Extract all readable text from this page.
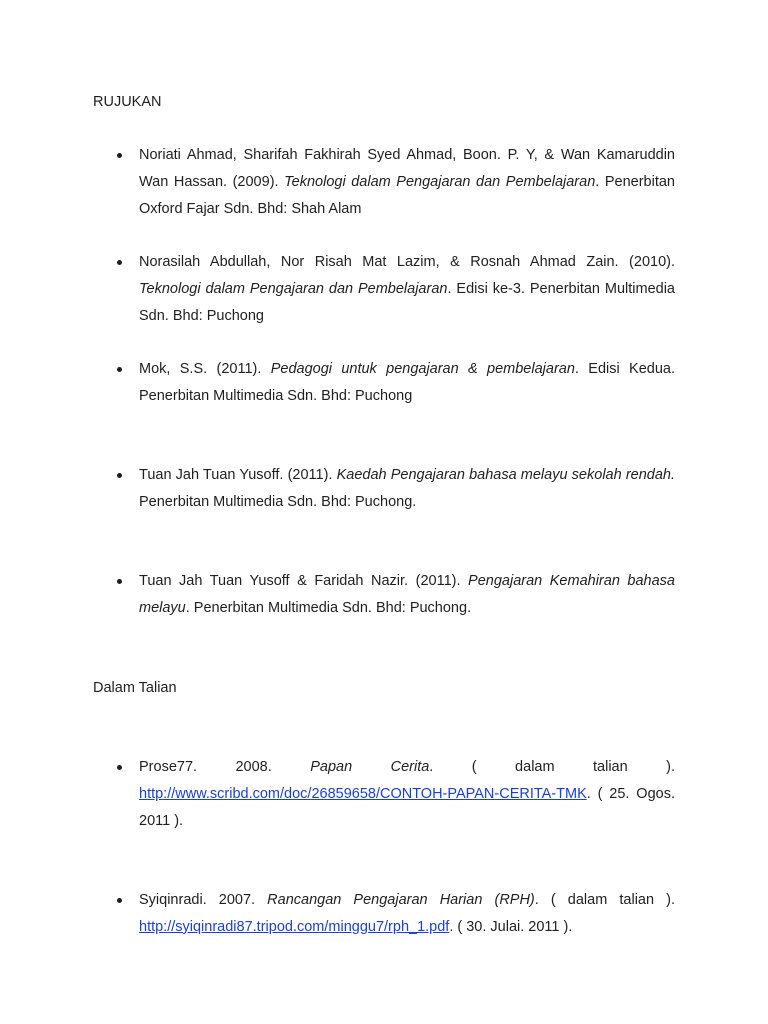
RUJUKAN
Noriati Ahmad, Sharifah Fakhirah Syed Ahmad, Boon. P. Y, & Wan Kamaruddin Wan Hassan. (2009). Teknologi dalam Pengajaran dan Pembelajaran. Penerbitan Oxford Fajar Sdn. Bhd: Shah Alam
Norasilah Abdullah, Nor Risah Mat Lazim, & Rosnah Ahmad Zain. (2010). Teknologi dalam Pengajaran dan Pembelajaran. Edisi ke-3. Penerbitan Multimedia Sdn. Bhd: Puchong
Mok, S.S. (2011). Pedagogi untuk pengajaran & pembelajaran. Edisi Kedua. Penerbitan Multimedia Sdn. Bhd: Puchong
Tuan Jah Tuan Yusoff. (2011). Kaedah Pengajaran bahasa melayu sekolah rendah. Penerbitan Multimedia Sdn. Bhd: Puchong.
Tuan Jah Tuan Yusoff & Faridah Nazir. (2011). Pengajaran Kemahiran bahasa melayu. Penerbitan Multimedia Sdn. Bhd: Puchong.
Dalam Talian
Prose77. 2008. Papan Cerita. ( dalam talian ). http://www.scribd.com/doc/26859658/CONTOH-PAPAN-CERITA-TMK. ( 25. Ogos. 2011 ).
Syiqinradi. 2007. Rancangan Pengajaran Harian (RPH). ( dalam talian ). http://syiqinradi87.tripod.com/minggu7/rph_1.pdf. ( 30. Julai. 2011 ).
